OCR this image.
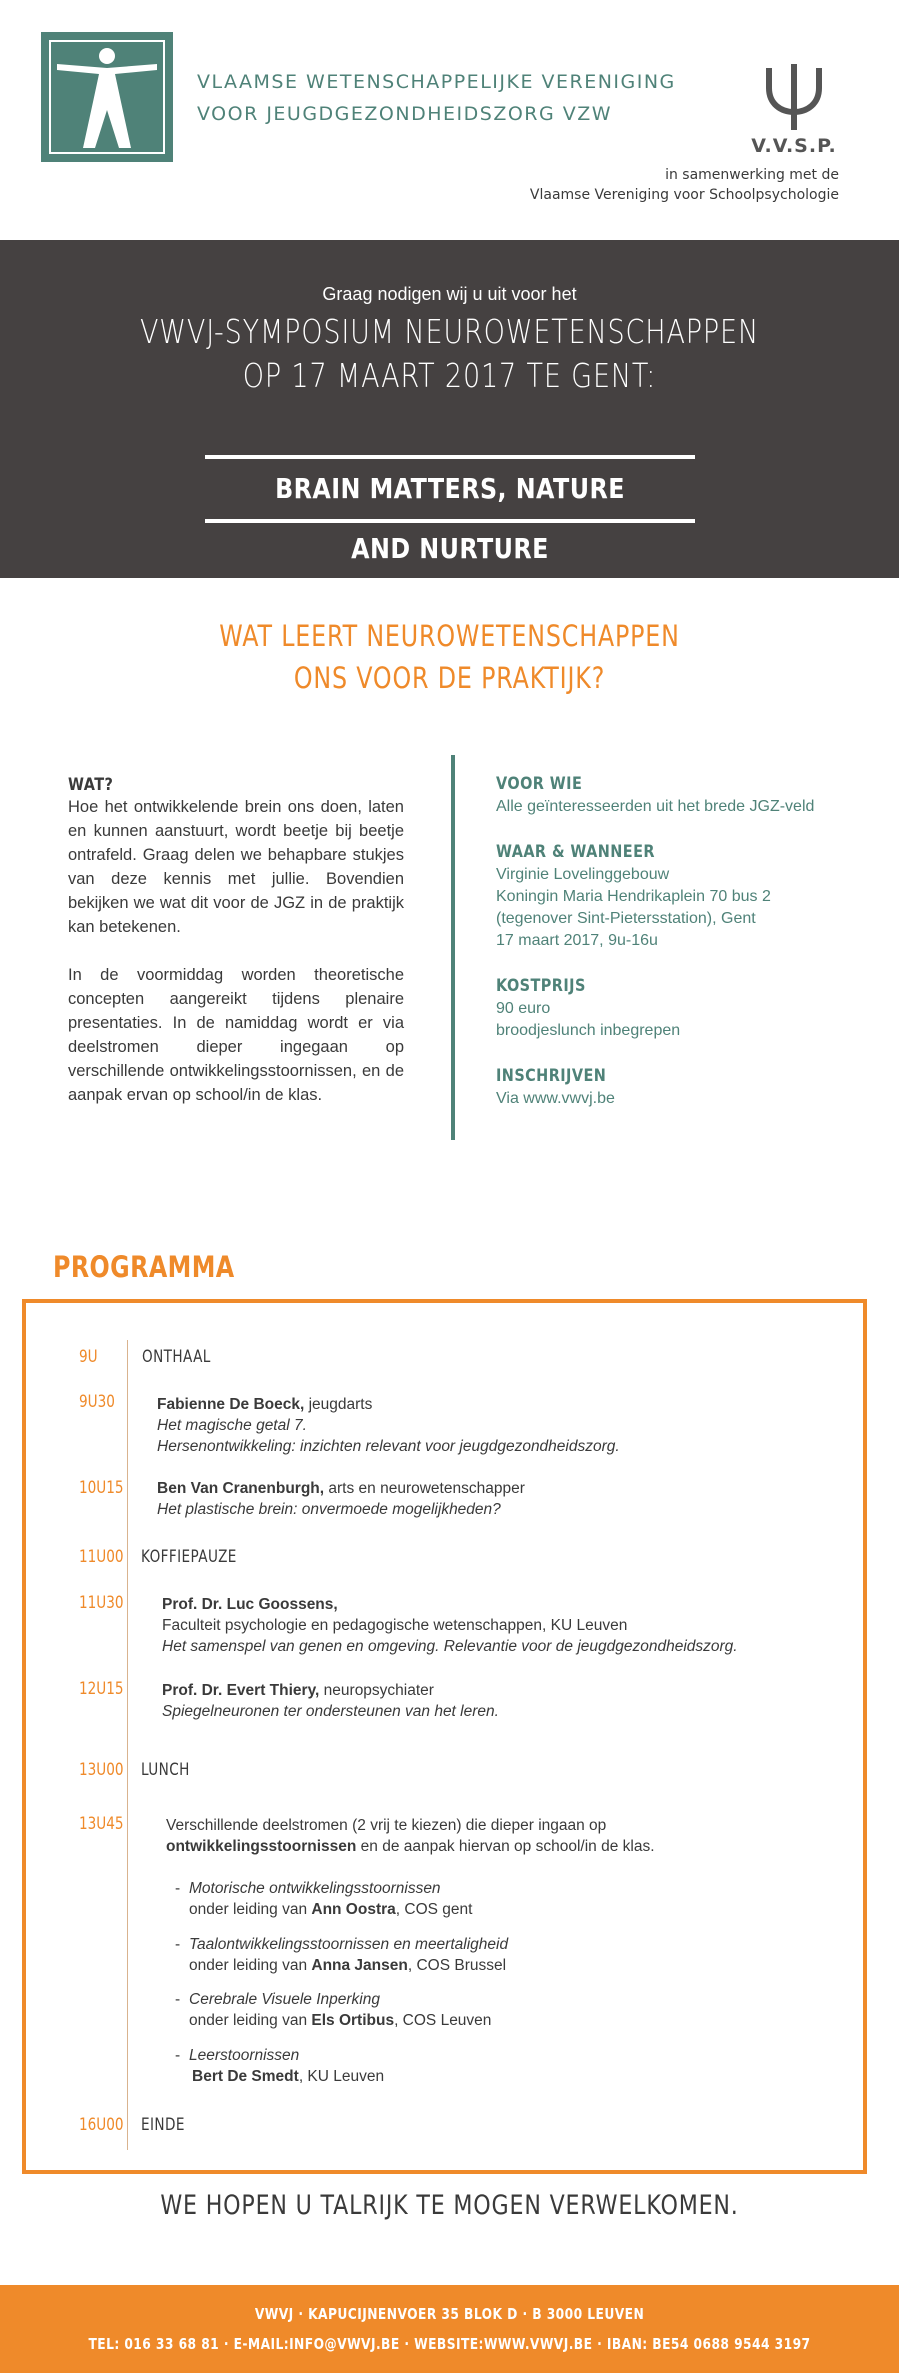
VLAAMSE WETENSCHAPPELIJKE VERENIGING
VOOR JEUGDGEZONDHEIDSZORG VZW
V.V.S.P.
in samenwerking met de
Vlaamse Vereniging voor Schoolpsychologie
Graag nodigen wij u uit voor het
VWVJ-SYMPOSIUM NEUROWETENSCHAPPEN
OP 17 MAART 2017 TE GENT:
BRAIN MATTERS, NATURE AND NURTURE
WAT LEERT NEUROWETENSCHAPPEN
ONS VOOR DE PRAKTIJK?
WAT?

Hoe het ontwikkelende brein ons doen, laten en kunnen aanstuurt, wordt beetje bij beetje ontrafeld. Graag delen we behapbare stukjes van deze kennis met jullie. Bovendien bekijken we wat dit voor de JGZ in de praktijk kan betekenen.

In de voormiddag worden theoretische concepten aangereikt tijdens plenaire presentaties. In de namiddag wordt er via deelstromen dieper ingegaan op verschillende ontwikkelingsstoornissen, en de aanpak ervan op school/in de klas.

VOOR WIE
Alle geïnteresseerden uit het brede JGZ-veld
WAAR & WANNEER
Virginie Lovelinggebouw
Koningin Maria Hendrikaplein 70 bus 2
(tegenover Sint-Pietersstation), Gent
17 maart 2017, 9u-16u
KOSTPRIJS
90 euro
broodjeslunch inbegrepen
INSCHRIJVEN
Via www.vwvj.be
PROGRAMMA
9U	ONTHAAL
9U30	Fabienne De Boeck, jeugdarts
Het magische getal 7.
Hersenontwikkeling: inzichten relevant voor jeugdgezondheidszorg.
10U15 Ben Van Cranenburgh, arts en neurowetenschapper
Het plastische brein: onvermoede mogelijkheden?
11U00 KOFFIEPAUZE
11U30 Prof. Dr. Luc Goossens,
Faculteit psychologie en pedagogische wetenschappen, KU Leuven
Het samenspel van genen en omgeving. Relevantie voor de jeugdgezondheidszorg.
12U15 Prof. Dr. Evert Thiery, neuropsychiater
Spiegelneuronen ter ondersteunen van het leren.
13U00 LUNCH
13U45	Verschillende deelstromen (2 vrij te kiezen) die dieper ingaan op
ontwikkelingsstoornissen en de aanpak hiervan op school/in de klas.
- Motorische ontwikkelingsstoornissen
onder leiding van Ann Oostra, COS gent
- Taalontwikkelingsstoornissen en meertaligheid
onder leiding van Anna Jansen, COS Brussel
- Cerebrale Visuele Inperking
onder leiding van Els Ortibus, COS Leuven
- Leerstoornissen
Bert De Smedt, KU Leuven
16U00 EINDE
WE HOPEN U TALRIJK TE MOGEN VERWELKOMEN.
VWVJ · KAPUCIJNENVOER 35 BLOK D · B 3000 LEUVEN
TEL: 016 33 68 81 · E-MAIL:INFO@VWVJ.BE · WEBSITE:WWW.VWVJ.BE · IBAN: BE54 0688 9544 3197
